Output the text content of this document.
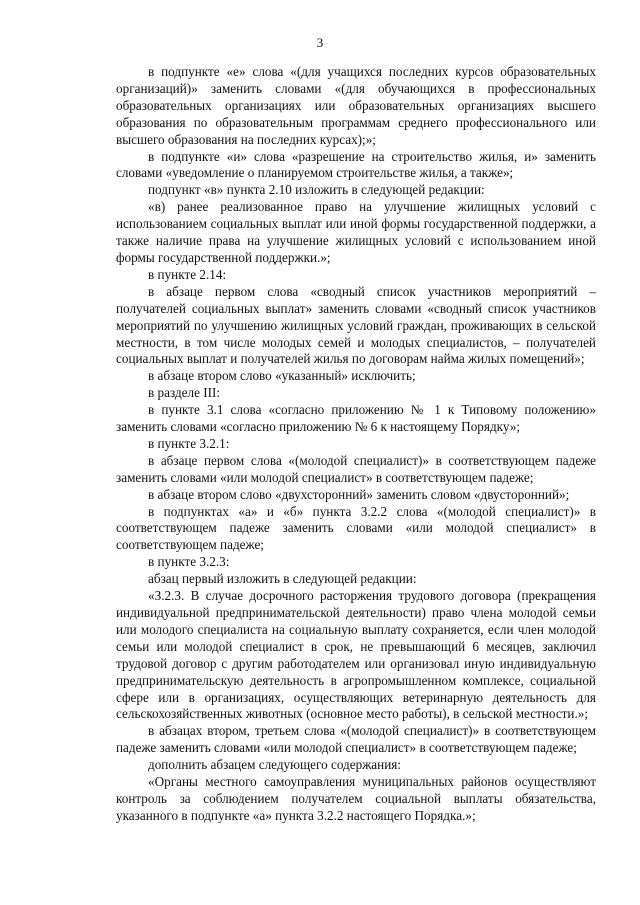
3

в подпункте «е» слова «(для учащихся последних курсов образовательных организаций)» заменить словами «(для обучающихся в профессиональных образовательных организациях или образовательных организациях высшего образования по образовательным программам среднего профессионального или высшего образования на последних курсах);»;

в подпункте «и» слова «разрешение на строительство жилья, и» заменить словами «уведомление о планируемом строительстве жилья, а также»;

подпункт «в» пункта 2.10 изложить в следующей редакции:

«в) ранее реализованное право на улучшение жилищных условий с использованием социальных выплат или иной формы государственной поддержки, а также наличие права на улучшение жилищных условий с использованием иной формы государственной поддержки.»;

в пункте 2.14:

в абзаце первом слова «сводный список участников мероприятий – получателей социальных выплат» заменить словами «сводный список участников мероприятий по улучшению жилищных условий граждан, проживающих в сельской местности, в том числе молодых семей и молодых специалистов, – получателей социальных выплат и получателей жилья по договорам найма жилых помещений»;

в абзаце втором слово «указанный» исключить;

в разделе III:

в пункте 3.1 слова «согласно приложению № 1 к Типовому положению» заменить словами «согласно приложению № 6 к настоящему Порядку»;

в пункте 3.2.1:

в абзаце первом слова «(молодой специалист)» в соответствующем падеже заменить словами «или молодой специалист» в соответствующем падеже;

в абзаце втором слово «двухсторонний» заменить словом «двусторонний»;

в подпунктах «а» и «б» пункта 3.2.2 слова «(молодой специалист)» в соответствующем падеже заменить словами «или молодой специалист» в соответствующем падеже;

в пункте 3.2.3:

абзац первый изложить в следующей редакции:

«3.2.3. В случае досрочного расторжения трудового договора (прекращения индивидуальной предпринимательской деятельности) право члена молодой семьи или молодого специалиста на социальную выплату сохраняется, если член молодой семьи или молодой специалист в срок, не превышающий 6 месяцев, заключил трудовой договор с другим работодателем или организовал иную индивидуальную предпринимательскую деятельность в агропромышленном комплексе, социальной сфере или в организациях, осуществляющих ветеринарную деятельность для сельскохозяйственных животных (основное место работы), в сельской местности.»;

в абзацах втором, третьем слова «(молодой специалист)» в соответствующем падеже заменить словами «или молодой специалист» в соответствующем падеже;

дополнить абзацем следующего содержания:

«Органы местного самоуправления муниципальных районов осуществляют контроль за соблюдением получателем социальной выплаты обязательства, указанного в подпункте «а» пункта 3.2.2 настоящего Порядка.»;
